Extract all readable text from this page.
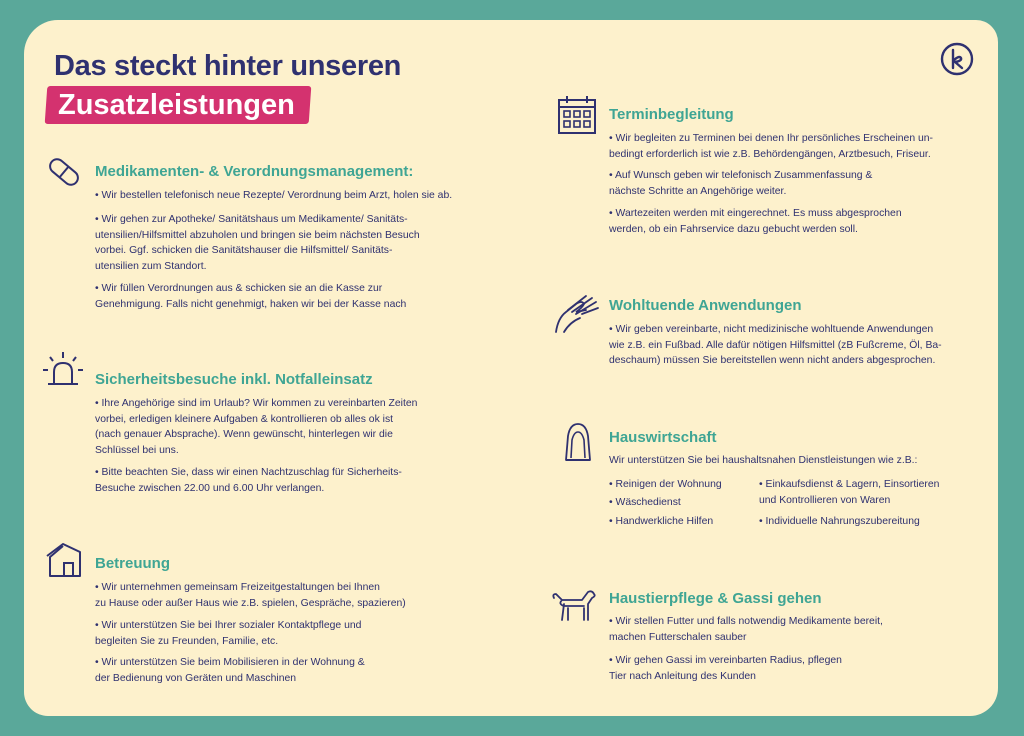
Das steckt hinter unseren
Zusatzleistungen
Medikamenten- & Verordnungsmanagement:
• Wir bestellen telefonisch neue Rezepte/ Verordnung beim Arzt, holen sie ab.
• Wir gehen zur Apotheke/ Sanitätshaus um Medikamente/ Sanitäts-
utensilien/Hilfsmittel abzuholen und bringen sie beim nächsten Besuch
vorbei. Ggf. schicken die Sanitätshauser die Hilfsmittel/ Sanitäts-
utensilien zum Standort.
• Wir füllen Verordnungen aus & schicken sie an die Kasse zur
Genehmigung. Falls nicht genehmigt, haken wir bei der Kasse nach
Sicherheitsbesuche inkl. Notfalleinsatz
• Ihre Angehörige sind im Urlaub? Wir kommen zu vereinbarten Zeiten
vorbei, erledigen kleinere Aufgaben & kontrollieren ob alles ok ist
(nach genauer Absprache). Wenn gewünscht, hinterlegen wir die
Schlüssel bei uns.
• Bitte beachten Sie, dass wir einen Nachtzuschlag für Sicherheits-
Besuche zwischen 22.00 und 6.00 Uhr verlangen.
Betreuung
• Wir unternehmen gemeinsam Freizeitgestaltungen bei Ihnen
zu Hause oder außer Haus wie z.B. spielen, Gespräche, spazieren)
• Wir unterstützen Sie bei Ihrer sozialer Kontaktpflege und
begleiten Sie zu Freunden, Familie, etc.
• Wir unterstützen Sie beim Mobilisieren in der Wohnung &
der Bedienung von Geräten und Maschinen
Terminbegleitung
• Wir begleiten zu Terminen bei denen Ihr persönliches Erscheinen un-
bedingt erforderlich ist wie z.B. Behördengängen, Arztbesuch, Friseur.
• Auf Wunsch geben wir telefonisch Zusammenfassung &
nächste Schritte an Angehörige weiter.
• Wartezeiten werden mit eingerechnet. Es muss abgesprochen
werden, ob ein Fahrservice dazu gebucht werden soll.
Wohltuende Anwendungen
• Wir geben vereinbarte, nicht medizinische wohltuende Anwendungen
wie z.B. ein Fußbad. Alle dafür nötigen Hilfsmittel (zB Fußcreme, Öl, Ba-
deschaum) müssen Sie bereitstellen wenn nicht anders abgesprochen.
Hauswirtschaft
Wir unterstützen Sie bei haushaltsnahen Dienstleistungen wie z.B.:
• Reinigen der Wohnung
• Wäschedienst
• Handwerkliche Hilfen
• Einkaufsdienst & Lagern, Einsortieren
und Kontrollieren von Waren
• Individuelle Nahrungszubereitung
Haustierpflege & Gassi gehen
• Wir stellen Futter und falls notwendig Medikamente bereit,
machen Futterschalen sauber
• Wir gehen Gassi im vereinbarten Radius, pflegen
Tier nach Anleitung des Kunden
